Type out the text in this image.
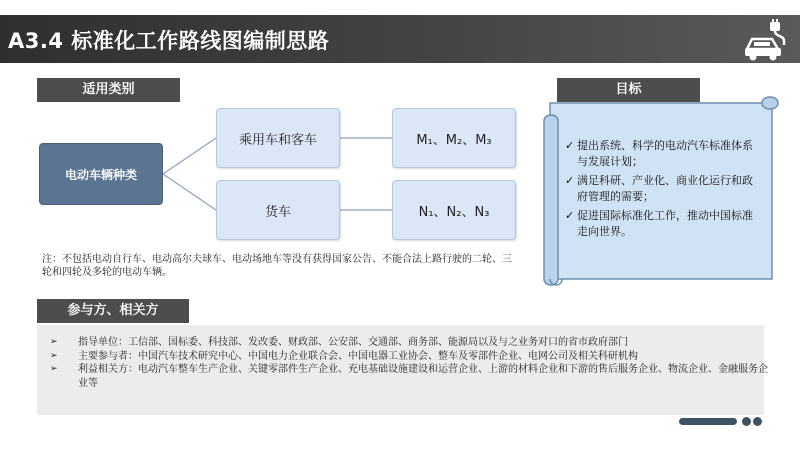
A3.4 标准化工作路线图编制思路
适用类别	目标
参与方、相关方
电动车辆种类
乘用车和客车
货车
M₁、M₂、M₃
N₁、N₂、N₃
注：不包括电动自行车、电动高尔夫球车、电动场地车等没有获得国家公告、不能合法上路行驶的二轮、三轮和四轮及多轮的电动车辆。
✓ 提出系统、科学的电动汽车标准体系与发展计划；
✓ 满足科研、产业化、商业化运行和政府管理的需要；
✓ 促进国际标准化工作，推动中国标准走向世界。
➢ 指导单位：工信部、国标委、科技部、发改委、财政部、公安部、交通部、商务部、能源局以及与之业务对口的省市政府部门
➢ 主要参与者：中国汽车技术研究中心、中国电力企业联合会、中国电器工业协会、整车及零部件企业、电网公司及相关科研机构
➢ 利益相关方：电动汽车整车生产企业、关键零部件生产企业、充电基础设施建设和运营企业、上游的材料企业和下游的售后服务企业、物流企业、金融服务企业等
